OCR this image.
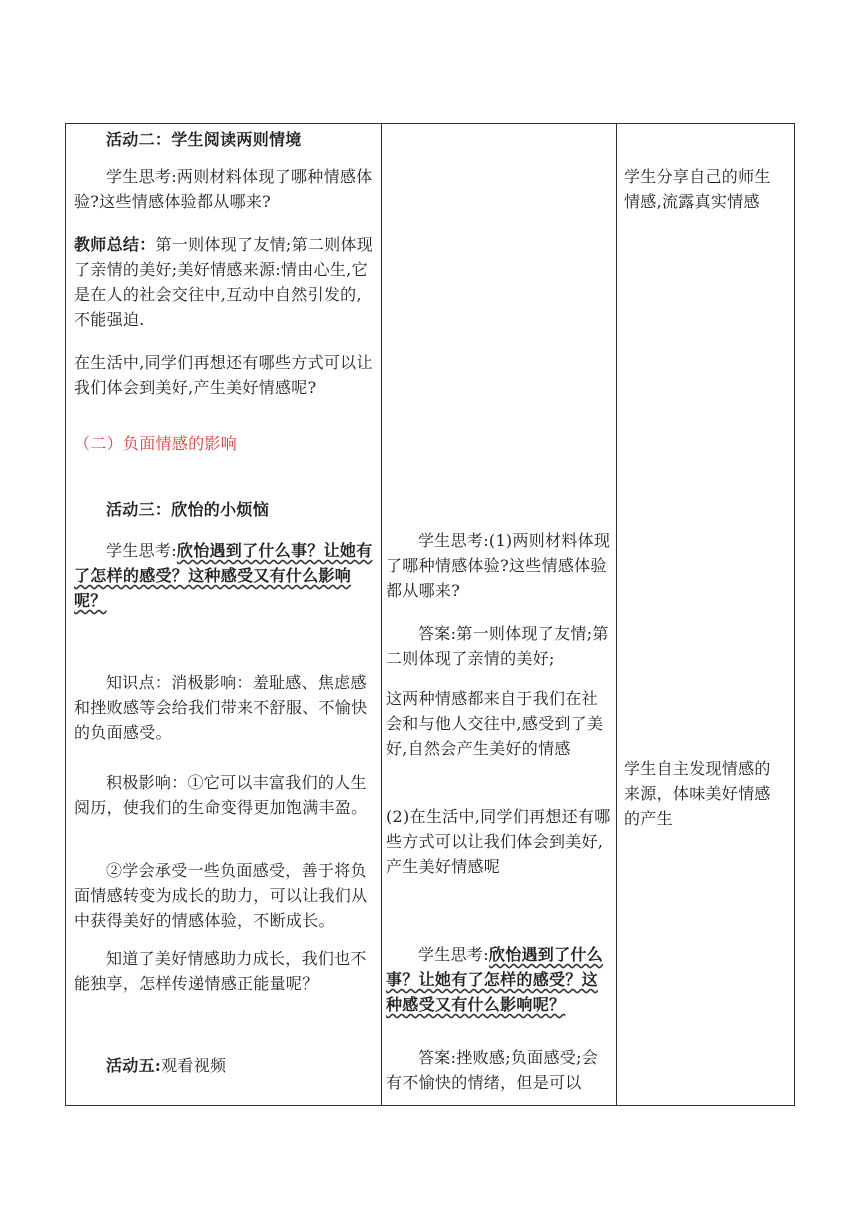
活动二：学生阅读两则情境

学生思考:两则材料体现了哪种情感体验?这些情感体验都从哪来?

教师总结：第一则体现了友情;第二则体现了亲情的美好;美好情感来源:情由心生,它是在人的社会交往中,互动中自然引发的,不能强迫.

在生活中,同学们再想还有哪些方式可以让我们体会到美好,产生美好情感呢?

（二）负面情感的影响

活动三：欣怡的小烦恼

学生思考:欣怡遇到了什么事？让她有了怎样的感受？这种感受又有什么影响呢？

知识点：消极影响：羞耻感、焦虑感和挫败感等会给我们带来不舒服、不愉快的负面感受。

积极影响：①它可以丰富我们的人生阅历，使我们的生命变得更加饱满丰盈。

②学会承受一些负面感受，善于将负面情感转变为成长的助力，可以让我们从中获得美好的情感体验，不断成长。

知道了美好情感助力成长，我们也不能独享，怎样传递情感正能量呢？

活动五:观看视频

学生思考:(1)两则材料体现了哪种情感体验?这些情感体验都从哪来?

答案:第一则体现了友情;第二则体现了亲情的美好;

这两种情感都来自于我们在社会和与他人交往中,感受到了美好,自然会产生美好的情感

(2)在生活中,同学们再想还有哪些方式可以让我们体会到美好,产生美好情感呢

学生思考:欣怡遇到了什么事？让她有了怎样的感受？这种感受又有什么影响呢？

答案:挫败感;负面感受;会有不愉快的情绪，但是可以

学生分享自己的师生情感,流露真实情感

学生自主发现情感的来源，体味美好情感的产生
